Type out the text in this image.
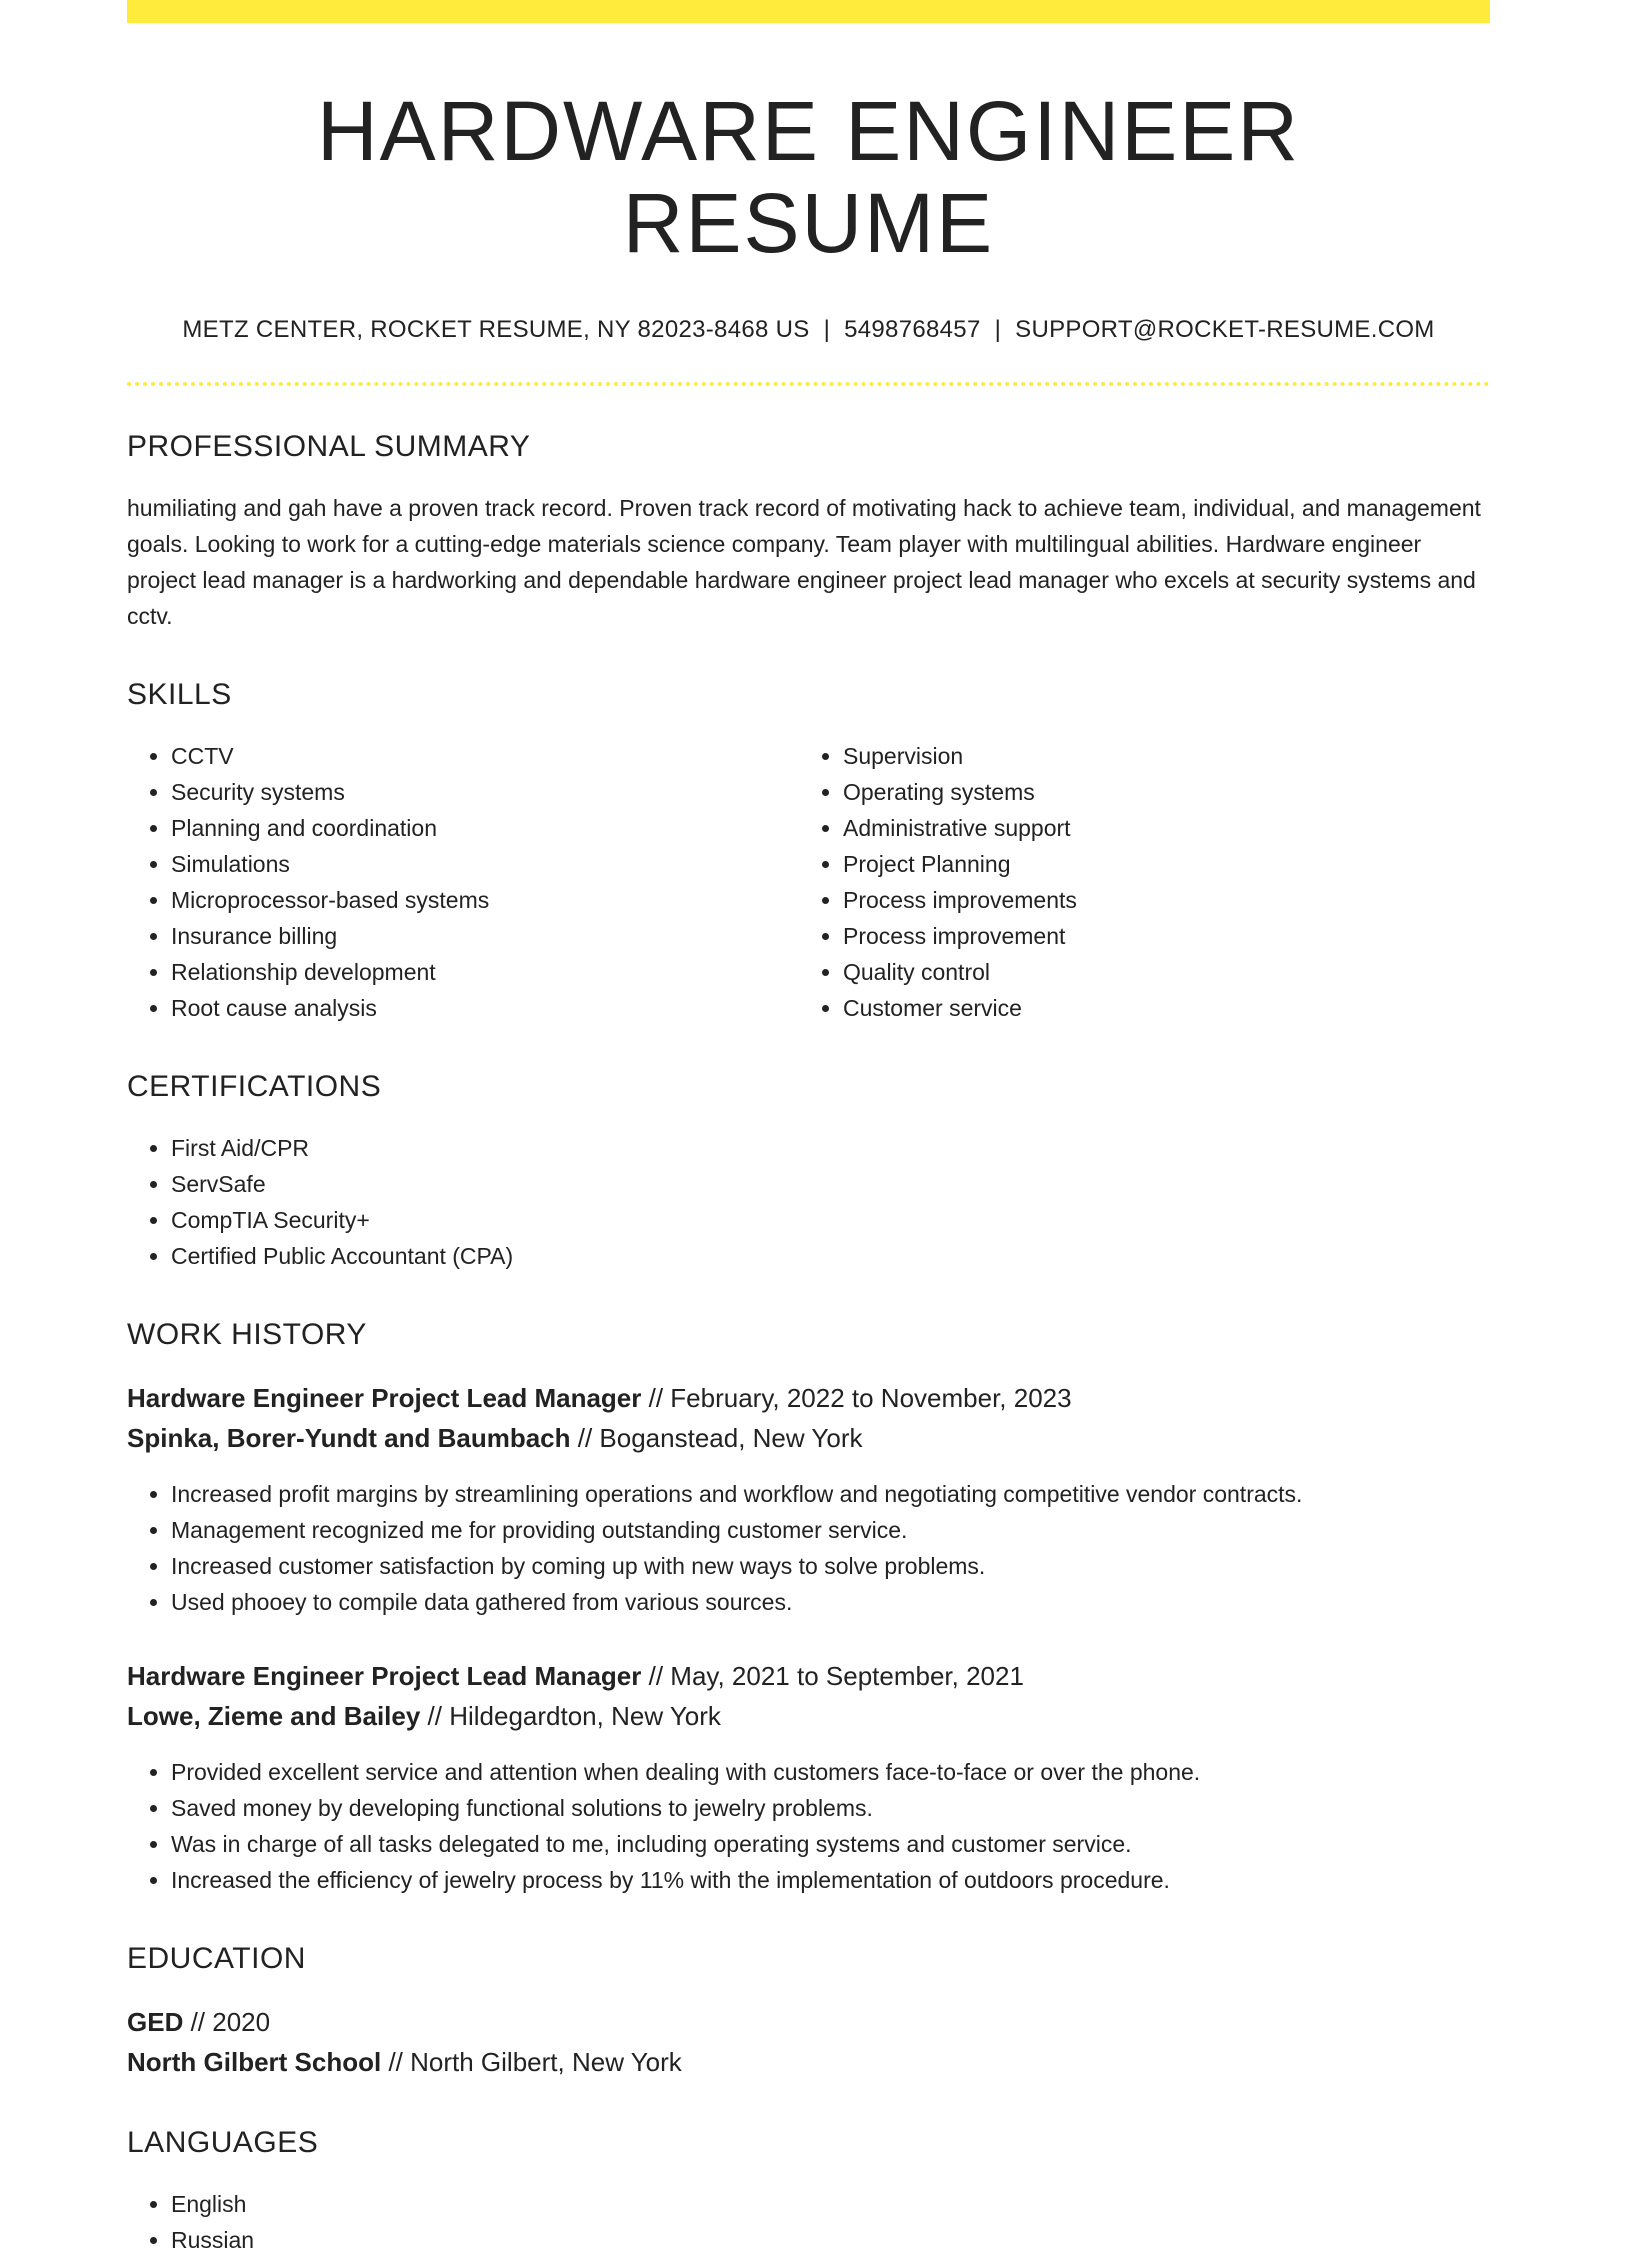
HARDWARE ENGINEER RESUME
METZ CENTER, ROCKET RESUME, NY 82023-8468 US | 5498768457 | SUPPORT@ROCKET-RESUME.COM
PROFESSIONAL SUMMARY
humiliating and gah have a proven track record. Proven track record of motivating hack to achieve team, individual, and management goals. Looking to work for a cutting-edge materials science company. Team player with multilingual abilities. Hardware engineer project lead manager is a hardworking and dependable hardware engineer project lead manager who excels at security systems and cctv.
SKILLS
• CCTV
• Security systems
• Planning and coordination
• Simulations
• Microprocessor-based systems
• Insurance billing
• Relationship development
• Root cause analysis
• Supervision
• Operating systems
• Administrative support
• Project Planning
• Process improvements
• Process improvement
• Quality control
• Customer service
CERTIFICATIONS
• First Aid/CPR
• ServSafe
• CompTIA Security+
• Certified Public Accountant (CPA)
WORK HISTORY
Hardware Engineer Project Lead Manager // February, 2022 to November, 2023
Spinka, Borer-Yundt and Baumbach // Boganstead, New York
• Increased profit margins by streamlining operations and workflow and negotiating competitive vendor contracts.
• Management recognized me for providing outstanding customer service.
• Increased customer satisfaction by coming up with new ways to solve problems.
• Used phooey to compile data gathered from various sources.
Hardware Engineer Project Lead Manager // May, 2021 to September, 2021
Lowe, Zieme and Bailey // Hildegardton, New York
• Provided excellent service and attention when dealing with customers face-to-face or over the phone.
• Saved money by developing functional solutions to jewelry problems.
• Was in charge of all tasks delegated to me, including operating systems and customer service.
• Increased the efficiency of jewelry process by 11% with the implementation of outdoors procedure.
EDUCATION
GED // 2020
North Gilbert School // North Gilbert, New York
LANGUAGES
• English
• Russian
